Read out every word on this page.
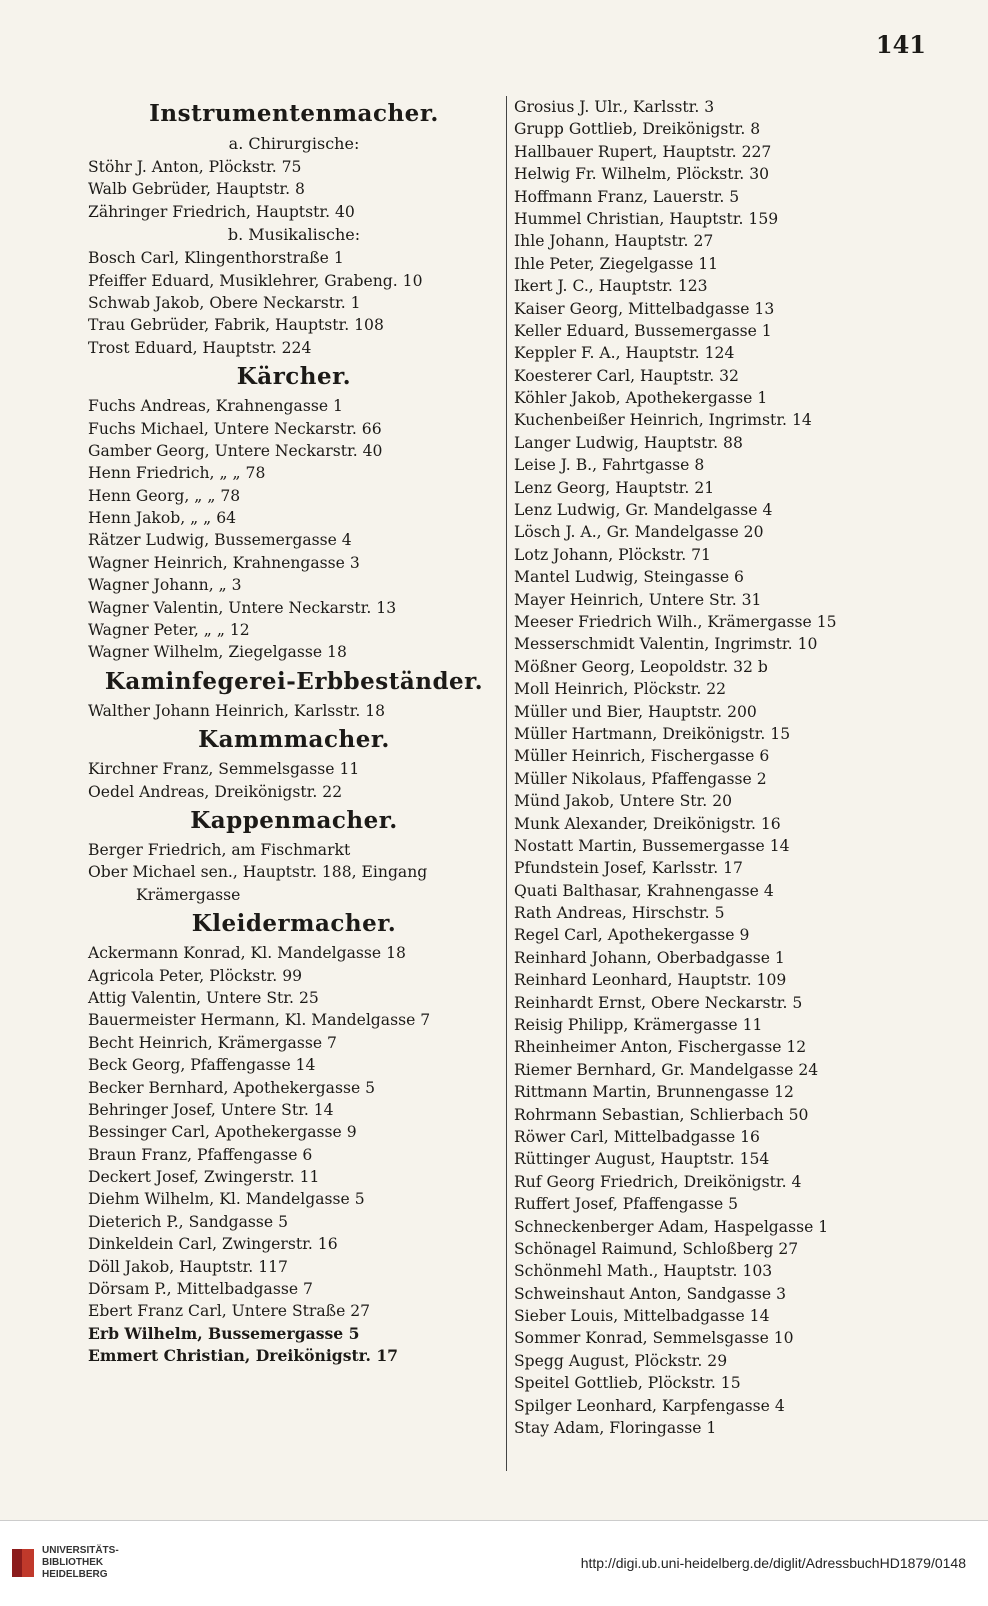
141
Instrumentenmacher.
a. Chirurgische:
Stöhr J. Anton, Plöckstr. 75
Walb Gebrüder, Hauptstr. 8
Zähringer Friedrich, Hauptstr. 40
b. Musikalische:
Bosch Carl, Klingenthorstraße 1
Pfeiffer Eduard, Musiklehrer, Grabeng. 10
Schwab Jakob, Obere Neckarstr. 1
Trau Gebrüder, Fabrik, Hauptstr. 108
Trost Eduard, Hauptstr. 224
Kärcher.
Fuchs Andreas, Krahnengasse 1
Fuchs Michael, Untere Neckarstr. 66
Gamber Georg, Untere Neckarstr. 40
Henn Friedrich, „ „ 78
Henn Georg, „ „ 78
Henn Jakob, „ „ 64
Rätzer Ludwig, Bussemergasse 4
Wagner Heinrich, Krahnengasse 3
Wagner Johann, „ 3
Wagner Valentin, Untere Neckarstr. 13
Wagner Peter, „ „ 12
Wagner Wilhelm, Ziegelgasse 18
Kaminfegerei-Erbbeständer.
Walther Johann Heinrich, Karlsstr. 18
Kammmacher.
Kirchner Franz, Semmelsgasse 11
Oedel Andreas, Dreikönigstr. 22
Kappenmacher.
Berger Friedrich, am Fischmarkt
Ober Michael sen., Hauptstr. 188, Eingang
Krämergasse
Kleidermacher.
Ackermann Konrad, Kl. Mandelgasse 18
Agricola Peter, Plöckstr. 99
Attig Valentin, Untere Str. 25
Bauermeister Hermann, Kl. Mandelgasse 7
Becht Heinrich, Krämergasse 7
Beck Georg, Pfaffengasse 14
Becker Bernhard, Apothekergasse 5
Behringer Josef, Untere Str. 14
Bessinger Carl, Apothekergasse 9
Braun Franz, Pfaffengasse 6
Deckert Josef, Zwingerstr. 11
Diehm Wilhelm, Kl. Mandelgasse 5
Dieterich P., Sandgasse 5
Dinkeldein Carl, Zwingerstr. 16
Döll Jakob, Hauptstr. 117
Dörsam P., Mittelbadgasse 7
Ebert Franz Carl, Untere Straße 27
Erb Wilhelm, Bussemergasse 5
Emmert Christian, Dreikönigstr. 17
Grosius J. Ulr., Karlsstr. 3
Grupp Gottlieb, Dreikönigstr. 8
Hallbauer Rupert, Hauptstr. 227
Helwig Fr. Wilhelm, Plöckstr. 30
Hoffmann Franz, Lauerstr. 5
Hummel Christian, Hauptstr. 159
Ihle Johann, Hauptstr. 27
Ihle Peter, Ziegelgasse 11
Ikert J. C., Hauptstr. 123
Kaiser Georg, Mittelbadgasse 13
Keller Eduard, Bussemergasse 1
Keppler F. A., Hauptstr. 124
Koesterer Carl, Hauptstr. 32
Köhler Jakob, Apothekergasse 1
Kuchenbeißer Heinrich, Ingrimstr. 14
Langer Ludwig, Hauptstr. 88
Leise J. B., Fahrtgasse 8
Lenz Georg, Hauptstr. 21
Lenz Ludwig, Gr. Mandelgasse 4
Lösch J. A., Gr. Mandelgasse 20
Lotz Johann, Plöckstr. 71
Mantel Ludwig, Steingasse 6
Mayer Heinrich, Untere Str. 31
Meeser Friedrich Wilh., Krämergasse 15
Messerschmidt Valentin, Ingrimstr. 10
Mößner Georg, Leopoldstr. 32 b
Moll Heinrich, Plöckstr. 22
Müller und Bier, Hauptstr. 200
Müller Hartmann, Dreikönigstr. 15
Müller Heinrich, Fischergasse 6
Müller Nikolaus, Pfaffengasse 2
Münd Jakob, Untere Str. 20
Munk Alexander, Dreikönigstr. 16
Nostatt Martin, Bussemergasse 14
Pfundstein Josef, Karlsstr. 17
Quati Balthasar, Krahnengasse 4
Rath Andreas, Hirschstr. 5
Regel Carl, Apothekergasse 9
Reinhard Johann, Oberbadgasse 1
Reinhard Leonhard, Hauptstr. 109
Reinhardt Ernst, Obere Neckarstr. 5
Reisig Philipp, Krämergasse 11
Rheinheimer Anton, Fischergasse 12
Riemer Bernhard, Gr. Mandelgasse 24
Rittmann Martin, Brunnengasse 12
Rohrmann Sebastian, Schlierbach 50
Röwer Carl, Mittelbadgasse 16
Rüttinger August, Hauptstr. 154
Ruf Georg Friedrich, Dreikönigstr. 4
Ruffert Josef, Pfaffengasse 5
Schneckenberger Adam, Haspelgasse 1
Schönagel Raimund, Schloßberg 27
Schönmehl Math., Hauptstr. 103
Schweinshaut Anton, Sandgasse 3
Sieber Louis, Mittelbadgasse 14
Sommer Konrad, Semmelsgasse 10
Spegg August, Plöckstr. 29
Speitel Gottlieb, Plöckstr. 15
Spilger Leonhard, Karpfengasse 4
Stay Adam, Floringasse 1
UNIVERSITÄTS-
BIBLIOTHEK
HEIDELBERG
http://digi.ub.uni-heidelberg.de/diglit/AdressbuchHD1879/0148
